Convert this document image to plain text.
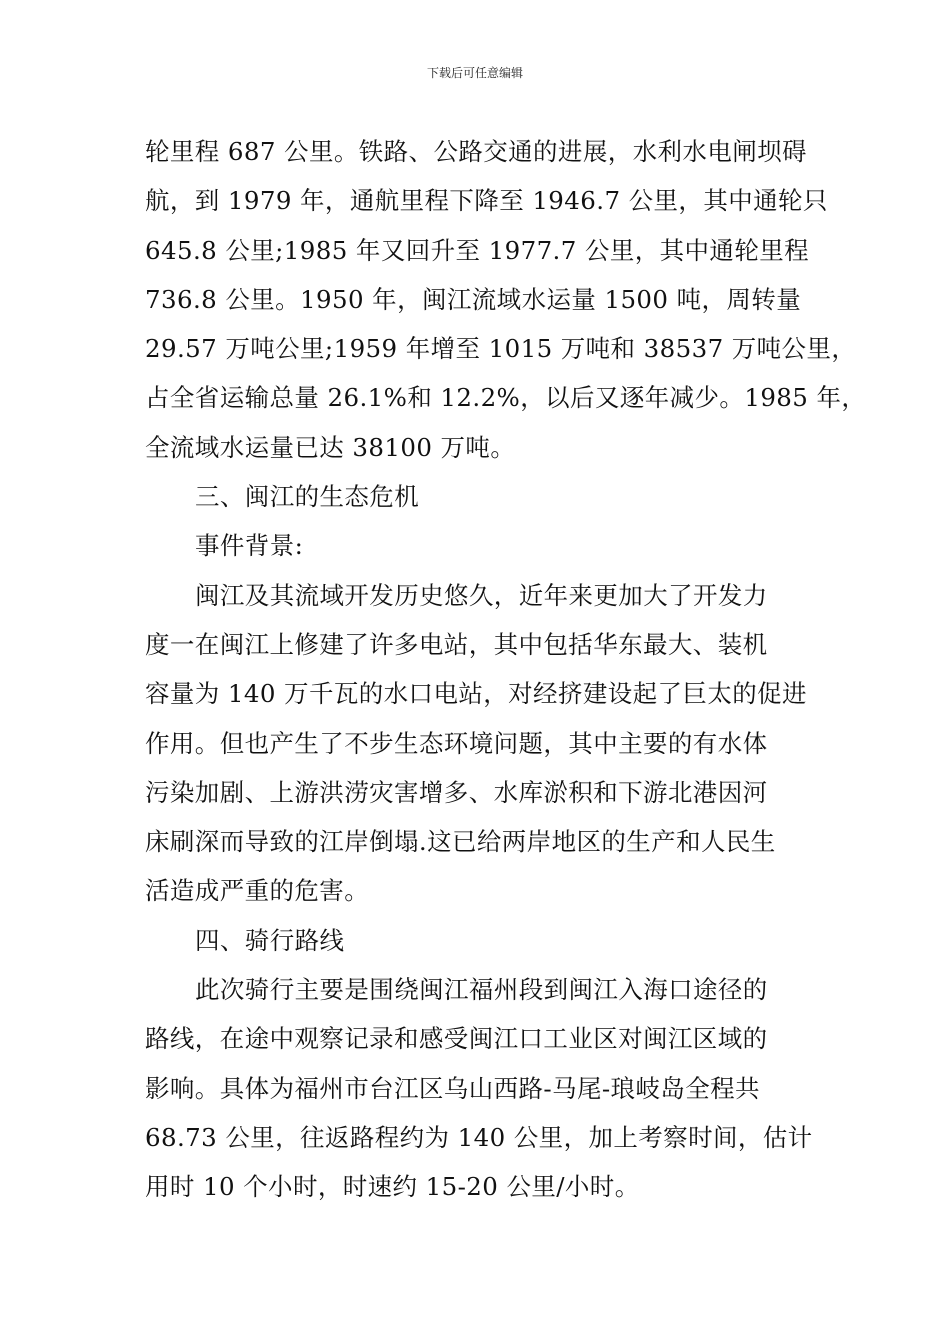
下载后可任意编辑
轮里程 687 公里。铁路、公路交通的进展，水利水电闸坝碍
航，到 1979 年，通航里程下降至 1946.7 公里，其中通轮只
645.8 公里;1985 年又回升至 1977.7 公里，其中通轮里程
736.8 公里。1950 年，闽江流域水运量 1500 吨，周转量
29.57 万吨公里;1959 年增至 1015 万吨和 38537 万吨公里，
占全省运输总量 26.1%和 12.2%，以后又逐年减少。1985 年，
全流域水运量已达 38100 万吨。
三、闽江的生态危机
事件背景:
闽江及其流域开发历史悠久，近年来更加大了开发力
度一在闽江上修建了许多电站，其中包括华东最大、装机
容量为 140 万千瓦的水口电站，对经挤建设起了巨太的促进
作用。但也产生了不步生态环境问题，其中主要的有水体
污染加剧、上游洪涝灾害增多、水库淤积和下游北港因河
床刷深而导致的江岸倒塌.这已给两岸地区的生产和人民生
活造成严重的危害。
四、骑行路线
此次骑行主要是围绕闽江福州段到闽江入海口途径的
路线，在途中观察记录和感受闽江口工业区对闽江区域的
影响。具体为福州市台江区乌山西路-马尾-琅岐岛全程共
68.73 公里，往返路程约为 140 公里，加上考察时间，估计
用时 10 个小时，时速约 15-20 公里/小时。
